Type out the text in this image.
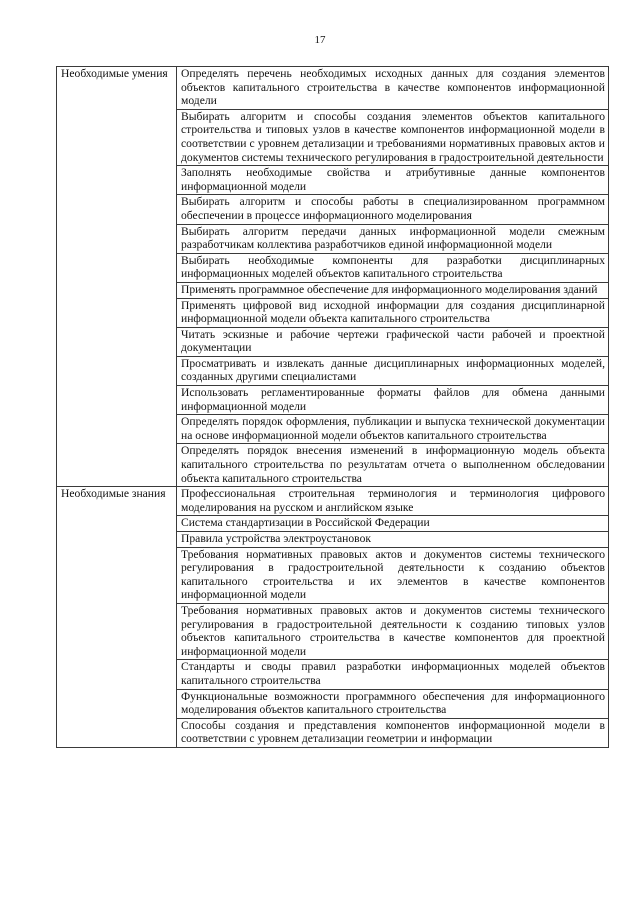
17
Необходимые умения	Определять перечень необходимых исходных данных для создания элементов объектов капитального строительства в качестве компонентов информационной модели
	Выбирать алгоритм и способы создания элементов объектов капитального строительства и типовых узлов в качестве компонентов информационной модели в соответствии с уровнем детализации и требованиями нормативных правовых актов и документов системы технического регулирования в градостроительной деятельности
	Заполнять необходимые свойства и атрибутивные данные компонентов информационной модели
	Выбирать алгоритм и способы работы в специализированном программном обеспечении в процессе информационного моделирования
	Выбирать алгоритм передачи данных информационной модели смежным разработчикам коллектива разработчиков единой информационной модели
	Выбирать необходимые компоненты для разработки дисциплинарных информационных моделей объектов капитального строительства
	Применять программное обеспечение для информационного моделирования зданий
	Применять цифровой вид исходной информации для создания дисциплинарной информационной модели объекта капитального строительства
	Читать эскизные и рабочие чертежи графической части рабочей и проектной документации
	Просматривать и извлекать данные дисциплинарных информационных моделей, созданных другими специалистами
	Использовать регламентированные форматы файлов для обмена данными информационной модели
	Определять порядок оформления, публикации и выпуска технической документации на основе информационной модели объектов капитального строительства
	Определять порядок внесения изменений в информационную модель объекта капитального строительства по результатам отчета о выполненном обследовании объекта капитального строительства
Необходимые знания	Профессиональная строительная терминология и терминология цифрового моделирования на русском и английском языке
	Система стандартизации в Российской Федерации
	Правила устройства электроустановок
	Требования нормативных правовых актов и документов системы технического регулирования в градостроительной деятельности к созданию объектов капитального строительства и их элементов в качестве компонентов информационной модели
	Требования нормативных правовых актов и документов системы технического регулирования в градостроительной деятельности к созданию типовых узлов объектов капитального строительства в качестве компонентов для проектной информационной модели
	Стандарты и своды правил разработки информационных моделей объектов капитального строительства
	Функциональные возможности программного обеспечения для информационного моделирования объектов капитального строительства
	Способы создания и представления компонентов информационной модели в соответствии с уровнем детализации геометрии и информации
